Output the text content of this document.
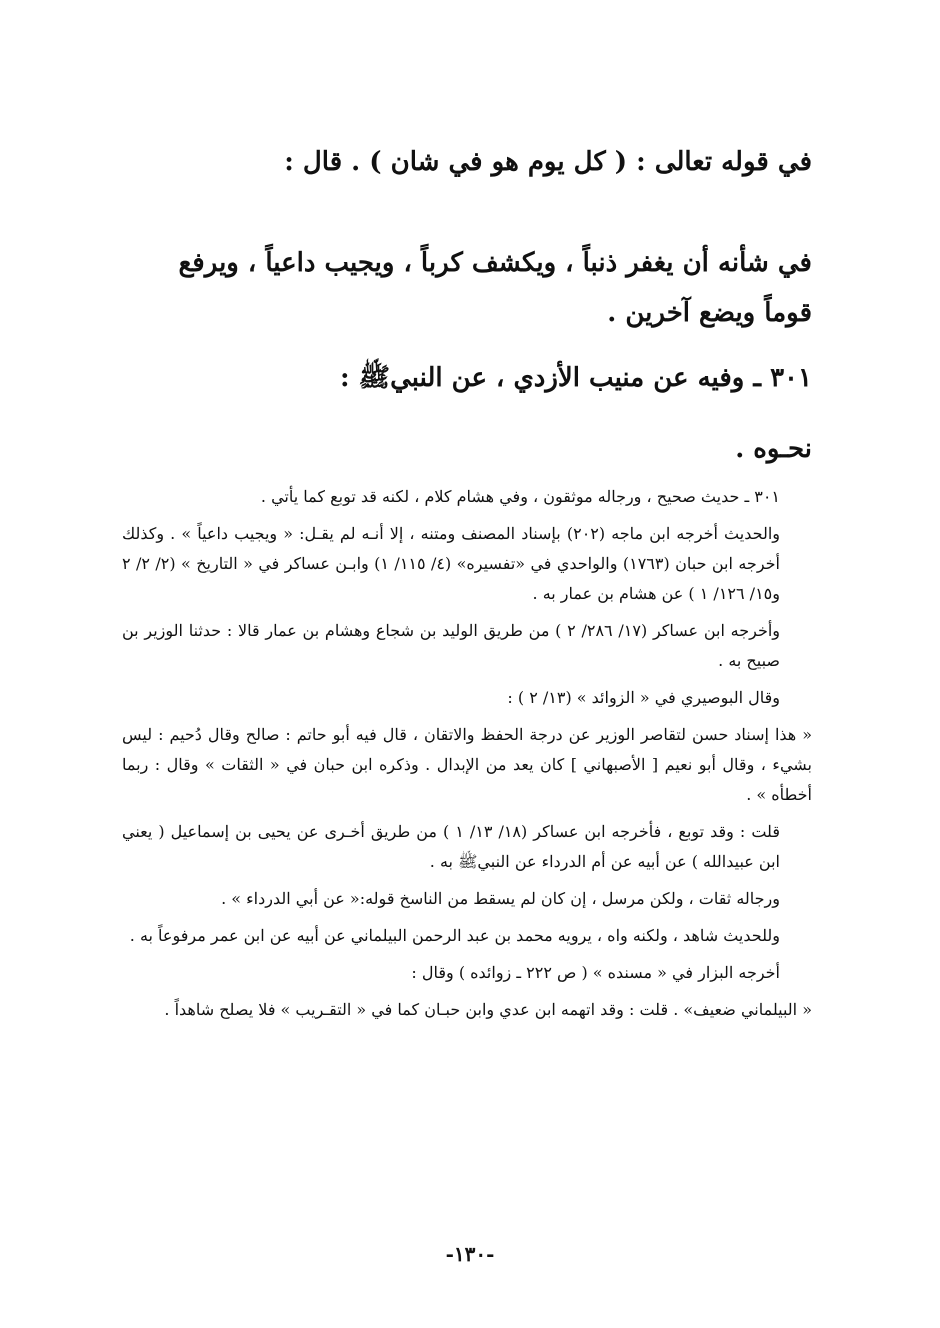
في قوله تعالى : ( كل يوم هو في شان ) . قال :
في شأنه أن يغفر ذنباً ، ويكشف كرباً ، ويجيب داعياً ، ويرفع قوماً ويضع آخرين .
٣٠١ ـ وفيه عن منيب الأزدي ، عن النبيﷺ :
نحـوه .

٣٠١ ـ حديث صحيح ، ورجاله موثقون ، وفي هشام كلام ، لكنه قد توبع كما يأتي .

والحديث أخرجه ابن ماجه (٢٠٢) بإسناد المصنف ومتنه ، إلا أنـه لم يقـل: « ويجيب داعياً » . وكذلك أخرجه ابن حبان (١٧٦٣) والواحدي في «تفسيره» (٤/ ١١٥/ ١) وابـن عساكر في « التاريخ » (٢/ ٢/ ٢ و١٥/ ١٢٦/ ١ ) عن هشام بن عمار به .

وأخرجه ابن عساكر (١٧/ ٢٨٦/ ٢ ) من طريق الوليد بن شجاع وهشام بن عمار قالا : حدثنا الوزير بن صبيح به .

وقال البوصيري في « الزوائد » (١٣/ ٢ ) :

« هذا إسناد حسن لتقاصر الوزير عن درجة الحفظ والاتقان ، قال فيه أبو حاتم : صالح وقال دُحيم : ليس بشيء ، وقال أبو نعيم [ الأصبهاني ] كان يعد من الإبدال . وذكره ابن حبان في « الثقات » وقال : ربما أخطأه » .

قلت : وقد توبع ، فأخرجه ابن عساكر (١٨/ ١٣/ ١ ) من طريق أخـرى عن يحيى بن إسماعيل ( يعني ابن عبيدالله ) عن أبيه عن أم الدرداء عن النبيﷺ به .

ورجاله ثقات ، ولكن مرسل ، إن كان لم يسقط من الناسخ قوله:« عن أبي الدرداء » .

وللحديث شاهد ، ولكنه واه ، يرويه محمد بن عبد الرحمن البيلماني عن أبيه عن ابن عمر مرفوعاً به .

أخرجه البزار في « مسنده » ( ص ٢٢٢ ـ زوائده ) وقال :

« البيلماني ضعيف» . قلت : وقد اتهمه ابن عدي وابن حبـان كما في « التقـريب » فلا يصلح شاهداً .

-١٣٠-
